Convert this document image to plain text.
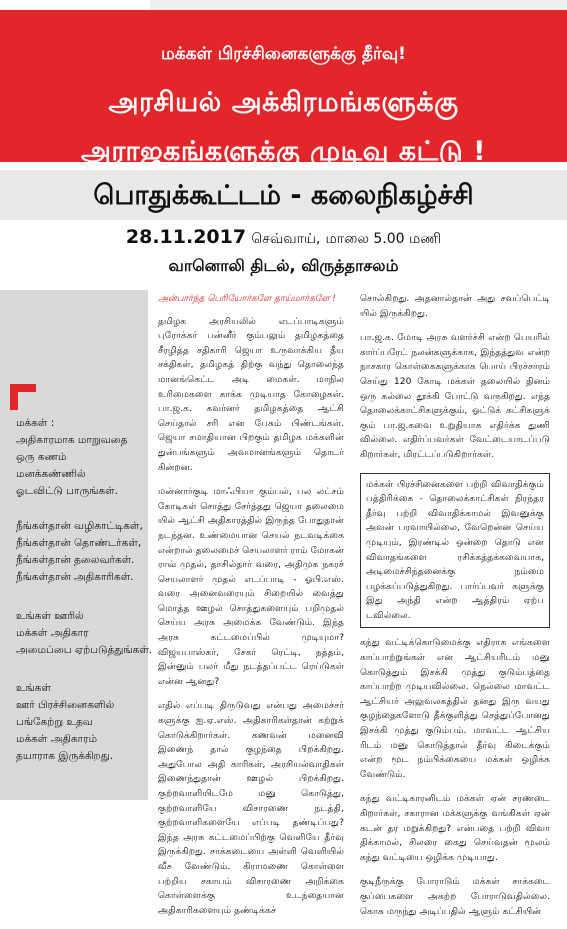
மக்கள் பிரச்சினைகளுக்கு தீர்வு!
அரசியல் அக்கிரமங்களுக்கு
அராஜகங்களுக்கு முடிவு கட்டு !
பொதுக்கூட்டம் - கலைநிகழ்ச்சி
28.11.2017 செவ்வாய், மாலை 5.00 மணி
வானொலி திடல், விருத்தாசலம்
மக்கள் :
அதிகாரமாக மாறுவதை
ஒரு கணம்
மனக்கண்ணில்
ஓடவிட்டு பாருங்கள்.
நீங்கள்தான் வழிகாட்டிகள்,
நீங்கள்தான் தொண்டர்கள்,
நீங்கள்தான் தலைவர்கள்.
நீங்கள்தான் அதிகாரிகள்.
உங்கள் ஊரில்
மக்கள் அதிகார
அமைப்பை ஏற்படுத்துங்கள்.
உங்கள்
ஊர் பிரச்சினைகளில்
பங்கேற்று உதவ
மக்கள் அதிகாரம்
தயாராக இருக்கிறது.
அன்பார்ந்த பெரியோர்களே தாய்மார்களே !
தமிழக அரசியலில் எடப்பாடிகளும் புரோக்கர் பன்னீர் கும்பலும் தமிழகத்தை சீரழித்த சதிகாரி ஜெயா உருவாக்கிய தீய சக்திகள், தமிழகத் திற்கு வந்து தொலைந்த மானங்கெட்ட அடி மைகள். மாநில உரிமைகளை காக்க முடியாத கோழைகள். பா.ஜ.க. கவர்னர் தமிழகத்தை ஆட்சி செய்தால் சரி என பேசும் பிண்டங்கள். ஜெயா சமாதியான பிறகும் தமிழக மக்களின் துன்பங்களும் அவமானங்களும் தொடர் கின்றன.
மன்னார்குடி மாஃபியா கும்பல், பல லட்சம் கோடிகள் சொத்து சேர்த்தது ஜெயா தலைமை யில் ஆட்சி அதிகாரத்தில் இருந்த போதுதான் நடந்தன. உண்மையான செயல் நடவடிக்கை என்றால் தலைமைச் செயலாளர் ராம் மோகன் ராவ் முதல், தாசில்தார் வரை, அதிமுக நகரச் செயலாளர் முதல் எடப்பாடி - ஓபி.எஸ். வரை அனைவரையும் சிறையில் வைத்து மொத்த ஊழல் சொத்துகளையும் பறிமுதல் செய்ய அரசு அமைக்க வேண்டும். இந்த அரசு கட்டமைப்பில் முடியுமா? விஜயபாஸ்கர், சேகர் ரெட்டி, நத்தம், இன்னும் பலர் மீது நடத்தப்பட்ட ரெய்டுகள் என்ன ஆனது?
எதில் எப்படி திருடுவது என்பது அமைச்சர் களுக்கு ஐ.ஏ.எஸ். அதிகாரிகள்தான் கற்றுக் கொடுக்கிறார்கள். கணவன் மனைவி இணைந் தால் குழந்தை பிறக்கிறது. அதுபோல அதி காரிகள், அரசியல்வாதிகள் இணைந்துதான் ஊழல் பிறக்கிறது. குற்றவாளியிடமே மனு கொடுத்து, குற்றவாளியே விசாரணை நடத்தி, குற்றவாளிகளையே எப்படி தண்டிப்பது? இந்த அரசு கட்டமைப்பிற்கு வெளியே தீர்வு இருக்கிறது. சாக்கடையை அள்ளி வெளியில் வீச வேண்டும். கிராமணை கொள்ளை பற்றிய சகாயம் விசாரணை அறிக்கை கொள்ளைக்கு உடந்தையான அதிகாரிகளையும் தண்டிக்கச்
சொல்கிறது. அதனால்தான் அது சவப்பெட்டி யில் இருக்கிறது.
பா.ஜ.க. மோடி அரசு வளர்ச்சி என்ற பெயரில் கார்ப்பரேட் நலன்களுக்காக, இந்தத்துவ என்ற நாசகார கொள்கைகளுக்காக பொய் பிரச்சாரம் செய்து 120 கோடி மக்கள் தலையில் தினம் ஒரு கல்லை தூக்கி போட்டு வருகிறது. எந்த தொலைக்காட்சிகளுக்கும், ஓட்டுக் கட்சிகளுக் கும் பா.ஜ.கவை உறுதியாக எதிர்க்க துணி வில்லை. எதிர்ப்பவர்கள் வேட்டையாடப்படு கிறார்கள், மிரட்டப்படுகிறார்கள்.
மக்கள் பிரச்சினைகளை பற்றி விவாதிக்கும் பத்திரிக்கை - தொலைக்காட்சிகள் நிரந்தர தீர்வு பற்றி விவாதிக்காமல் இவனுக்கு அவன் பரவாயில்லை, வேறென்ன செய்ய முடியும், இரண்டில் ஒன்றை தொடு என விவாதங்களை ரசிக்கத்தக்கவையாக, அடிமைச்சிந்தனைக்கு நம்மை பழக்கப்படுத்துகிறது. பார்ப்பவர் களுக்கு இது அந்தி என்ற ஆத்திரம் ஏற்ப டவில்லை.
கந்து வட்டிக்கொடுமைக்கு எதிராக எங்களை காப்பாற்றுங்கள் என ஆட்சியரிடம் மனு கொடுத்தும் இசக்கி முத்து குடும்பத்தை காப்பாற்ற முடியவில்லை. நெல்லை மாவட்ட ஆட்சியர் அலுவலகத்தில் தனது இரு வயது குழந்தைகளோடு தீக்குளித்து செத்துப்போனது இசக்கி முத்து குடும்பம். மாவட்ட ஆட்சிய ரிடம் மனு கொடுத்தால் தீர்வு கிடைக்கும் என்ற மூட நம்பிக்கையை மக்கள் ஒழிக்க வேண்டும்.
கந்து வட்டிகாரனிடம் மக்கள் ஏன் சரணடை கிறார்கள், சகாரான மக்களுக்கு வங்கிகள் ஏன் கடன் தர மறுக்கிறது? என்பதை பற்றி விவா திக்காமல், சிலரை கைது செய்வதன் மூலம் கந்து வட்டியை ஒழிக்க முடியாது.
குடிநீருக்கு போராடும் மக்கள் சாக்கடை குப்பைகளை அகற்ற போராடுவதில்லை. கொசு மருந்து அடிப்பதில் ஆளும் கட்சியின்
